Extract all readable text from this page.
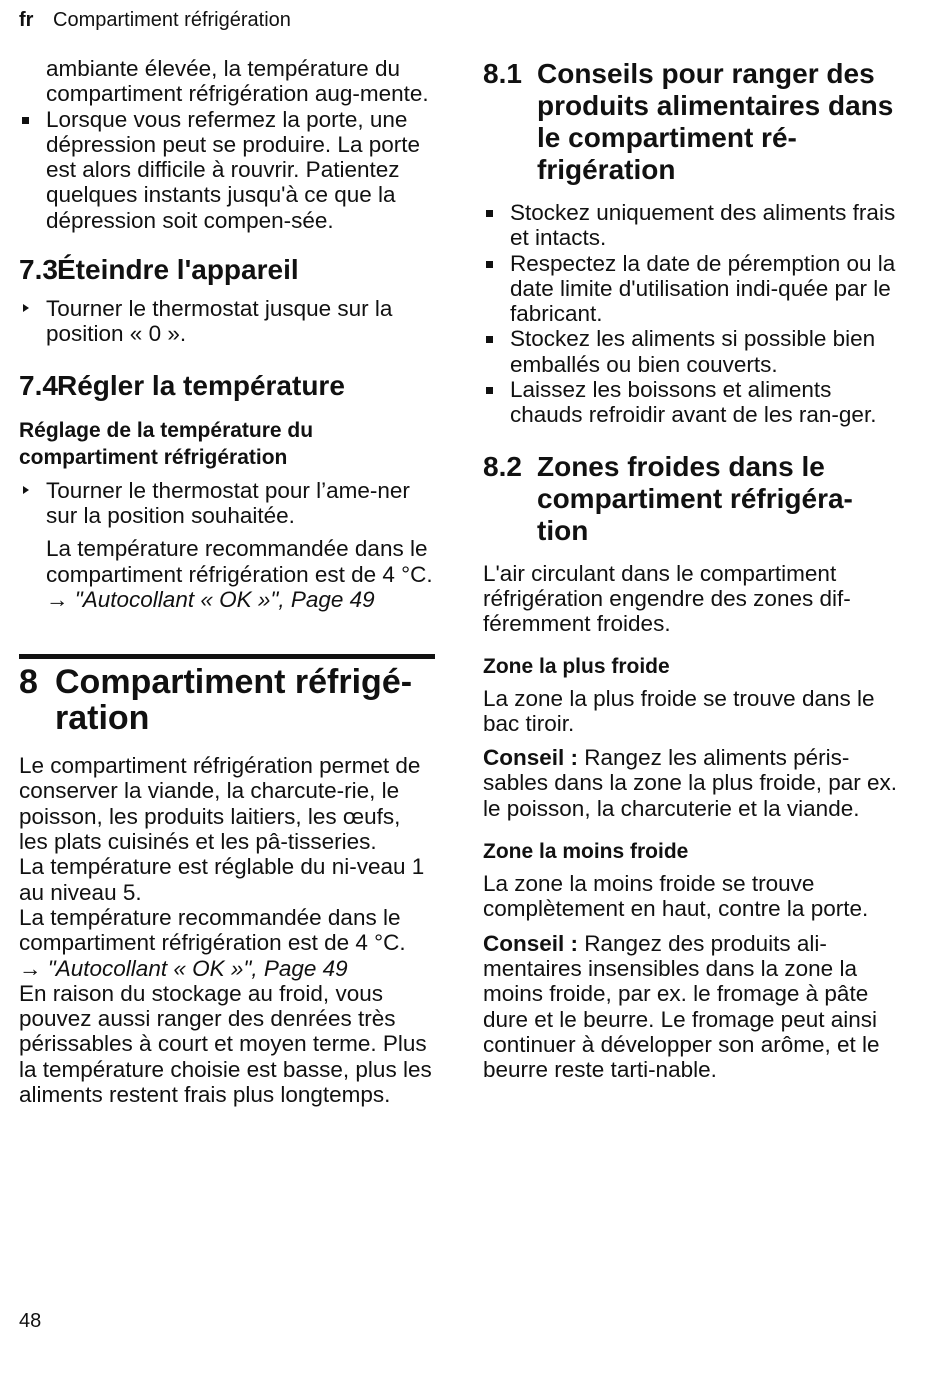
fr Compartiment réfrigération

ambiante élevée, la température du compartiment réfrigération aug-mente.

Lorsque vous refermez la porte, une dépression peut se produire. La porte est alors difficile à rouvrir. Patientez quelques instants jusqu'à ce que la dépression soit compen-sée.
7.3Éteindre l'appareil
Tourner le thermostat jusque sur la position « 0 ».
7.4Régler la température
Réglage de la température du compartiment réfrigération
Tourner le thermostat pour l’ame-ner sur la position souhaitée.

La température recommandée dans le compartiment réfrigération est de 4 °C.

→ "Autocollant « OK »", Page 49

8 Compartiment réfrigé-ration

Le compartiment réfrigération permet de conserver la viande, la charcute-rie, le poisson, les produits laitiers, les œufs, les plats cuisinés et les pâ-tisseries.

La température est réglable du ni-veau 1 au niveau 5.

La température recommandée dans le compartiment réfrigération est de 4 °C.

→ "Autocollant « OK »", Page 49

En raison du stockage au froid, vous pouvez aussi ranger des denrées très périssables à court et moyen terme. Plus la température choisie est basse, plus les aliments restent frais plus longtemps.

8.1 Conseils pour ranger des produits alimentaires dans le compartiment ré-frigération
Stockez uniquement des aliments frais et intacts.
Respectez la date de péremption ou la date limite d'utilisation indi-quée par le fabricant.
Stockez les aliments si possible bien emballés ou bien couverts.
Laissez les boissons et aliments chauds refroidir avant de les ran-ger.
8.2 Zones froides dans le compartiment réfrigéra-tion

L'air circulant dans le compartiment réfrigération engendre des zones dif-féremment froides.

Zone la plus froide

La zone la plus froide se trouve dans le bac tiroir.

Conseil : Rangez les aliments péris-sables dans la zone la plus froide, par ex. le poisson, la charcuterie et la viande.

Zone la moins froide

La zone la moins froide se trouve complètement en haut, contre la porte.

Conseil : Rangez des produits ali-mentaires insensibles dans la zone la moins froide, par ex. le fromage à pâte dure et le beurre. Le fromage peut ainsi continuer à développer son arôme, et le beurre reste tarti-nable.

48
